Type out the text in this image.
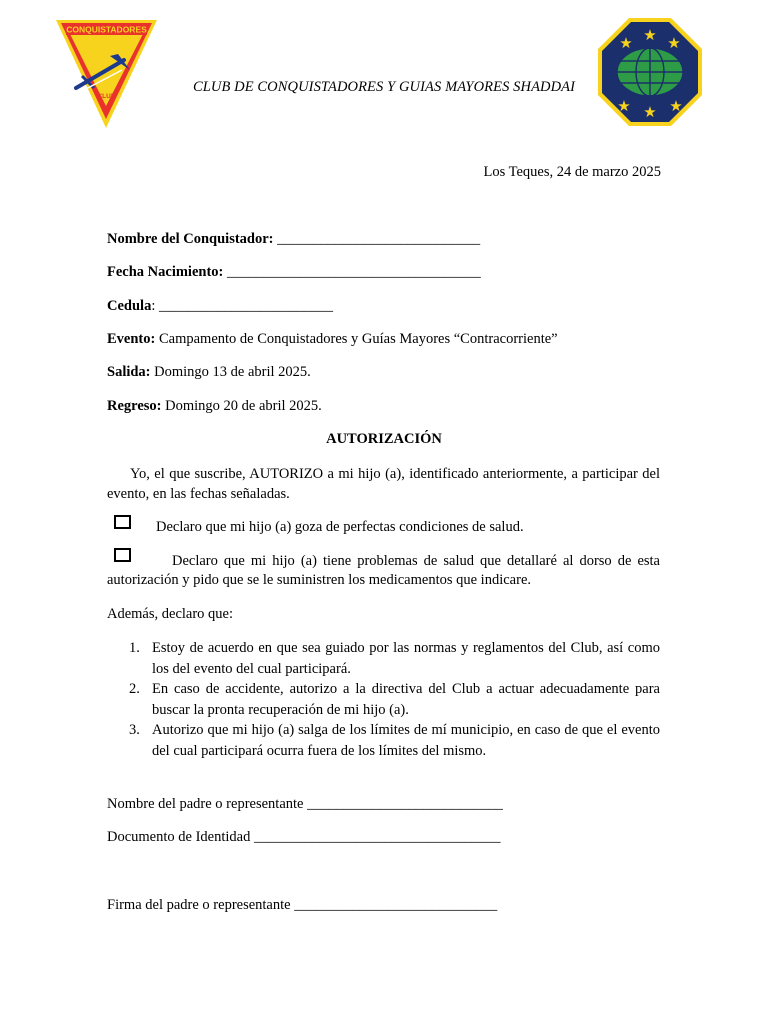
CONQUISTADORES
CLUB
CLUB DE CONQUISTADORES Y GUIAS MAYORES SHADDAI
★
★ ★
★
★	★
Los Teques, 24 de marzo 2025
Nombre del Conquistador: ____________________________
Fecha Nacimiento: ___________________________________
Cedula: ________________________
Evento: Campamento de Conquistadores y Guías Mayores “Contracorriente”
Salida: Domingo 13 de abril 2025.
Regreso: Domingo 20 de abril 2025.
AUTORIZACIÓN
Yo, el que suscribe, AUTORIZO a mi hijo (a), identificado anteriormente, a participar del evento, en las fechas señaladas.
Declaro que mi hijo (a) goza de perfectas condiciones de salud.
Declaro que mi hijo (a) tiene problemas de salud que detallaré al dorso de esta
autorización y pido que se le suministren los medicamentos que indicare.
Además, declaro que:
1. Estoy de acuerdo en que sea guiado por las normas y reglamentos del Club, así como los del evento del cual participará.
2. En caso de accidente, autorizo a la directiva del Club a actuar adecuadamente para buscar la pronta recuperación de mi hijo (a).
3. Autorizo que mi hijo (a) salga de los límites de mí municipio, en caso de que el evento del cual participará ocurra fuera de los límites del mismo.
Nombre del padre o representante ___________________________
Documento de Identidad __________________________________
Firma del padre o representante ____________________________
